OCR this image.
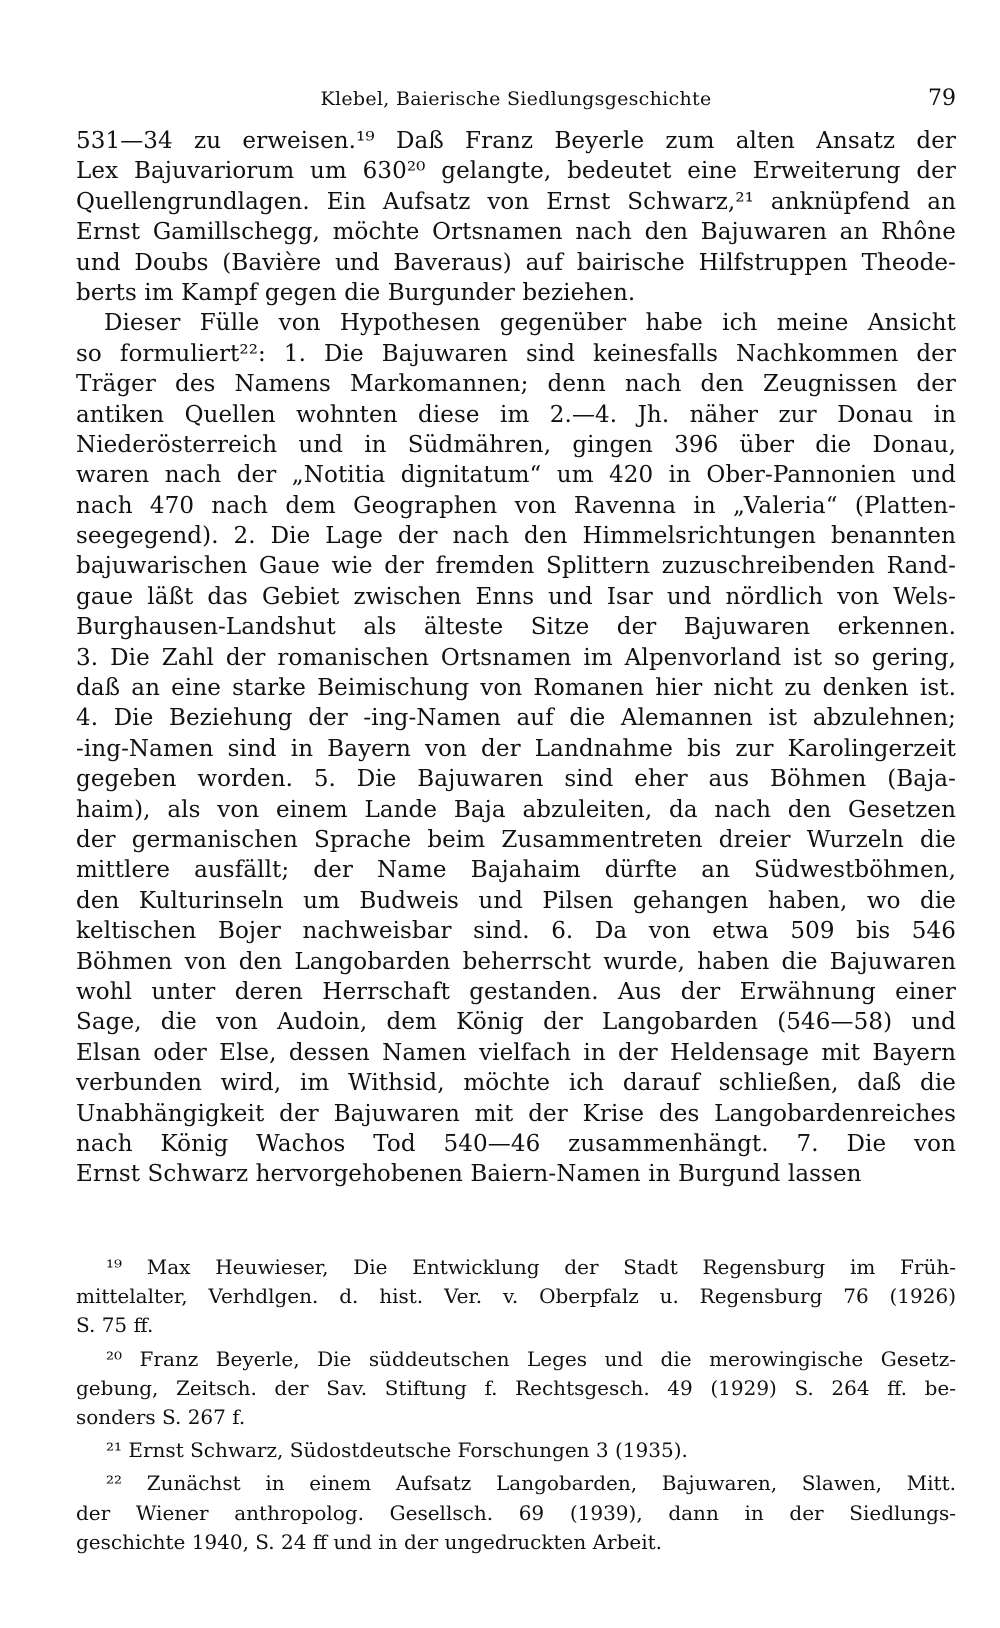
Klebel, Baierische Siedlungsgeschichte	79
531—34 zu erweisen.¹⁹ Daß Franz Beyerle zum alten Ansatz der
Lex Bajuvariorum um 630²⁰ gelangte, bedeutet eine Erweiterung der
Quellengrundlagen. Ein Aufsatz von Ernst Schwarz,²¹ anknüpfend an
Ernst Gamillschegg, möchte Ortsnamen nach den Bajuwaren an Rhône
und Doubs (Bavière und Baveraus) auf bairische Hilfstruppen Theode-
berts im Kampf gegen die Burgunder beziehen.
Dieser Fülle von Hypothesen gegenüber habe ich meine Ansicht
so formuliert²²: 1. Die Bajuwaren sind keinesfalls Nachkommen der
Träger des Namens Markomannen; denn nach den Zeugnissen der
antiken Quellen wohnten diese im 2.—4. Jh. näher zur Donau in
Niederösterreich und in Südmähren, gingen 396 über die Donau,
waren nach der „Notitia dignitatum“ um 420 in Ober-Pannonien und
nach 470 nach dem Geographen von Ravenna in „Valeria“ (Platten-
seegegend). 2. Die Lage der nach den Himmelsrichtungen benannten
bajuwarischen Gaue wie der fremden Splittern zuzuschreibenden Rand-
gaue läßt das Gebiet zwischen Enns und Isar und nördlich von Wels-
Burghausen-Landshut als älteste Sitze der Bajuwaren erkennen.
3. Die Zahl der romanischen Ortsnamen im Alpenvorland ist so gering,
daß an eine starke Beimischung von Romanen hier nicht zu denken ist.
4. Die Beziehung der -ing-Namen auf die Alemannen ist abzulehnen;
-ing-Namen sind in Bayern von der Landnahme bis zur Karolingerzeit
gegeben worden. 5. Die Bajuwaren sind eher aus Böhmen (Baja-
haim), als von einem Lande Baja abzuleiten, da nach den Gesetzen
der germanischen Sprache beim Zusammentreten dreier Wurzeln die
mittlere ausfällt; der Name Bajahaim dürfte an Südwestböhmen,
den Kulturinseln um Budweis und Pilsen gehangen haben, wo die
keltischen Bojer nachweisbar sind. 6. Da von etwa 509 bis 546
Böhmen von den Langobarden beherrscht wurde, haben die Bajuwaren
wohl unter deren Herrschaft gestanden. Aus der Erwähnung einer
Sage, die von Audoin, dem König der Langobarden (546—58) und
Elsan oder Else, dessen Namen vielfach in der Heldensage mit Bayern
verbunden wird, im Withsid, möchte ich darauf schließen, daß die
Unabhängigkeit der Bajuwaren mit der Krise des Langobardenreiches
nach König Wachos Tod 540—46 zusammenhängt. 7. Die von
Ernst Schwarz hervorgehobenen Baiern-Namen in Burgund lassen
¹⁹ Max Heuwieser, Die Entwicklung der Stadt Regensburg im Früh-
mittelalter, Verhdlgen. d. hist. Ver. v. Oberpfalz u. Regensburg 76 (1926)
S. 75 ff.
²⁰ Franz Beyerle, Die süddeutschen Leges und die merowingische Gesetz-
gebung, Zeitsch. der Sav. Stiftung f. Rechtsgesch. 49 (1929) S. 264 ff. be-
sonders S. 267 f.
²¹ Ernst Schwarz, Südostdeutsche Forschungen 3 (1935).
²² Zunächst in einem Aufsatz Langobarden, Bajuwaren, Slawen, Mitt.
der Wiener anthropolog. Gesellsch. 69 (1939), dann in der Siedlungs-
geschichte 1940, S. 24 ff und in der ungedruckten Arbeit.
